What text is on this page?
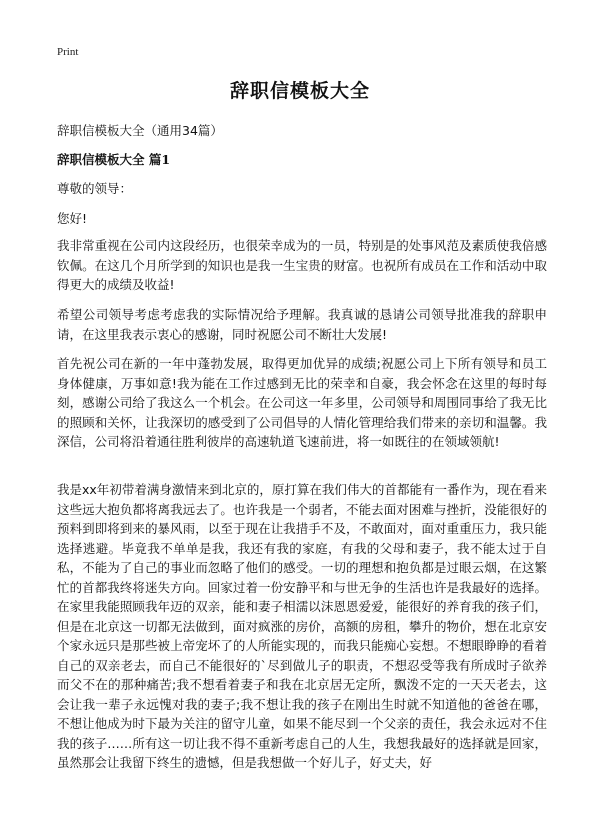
Print
辞职信模板大全
辞职信模板大全（通用34篇）
辞职信模板大全 篇1
尊敬的领导：
您好!
我非常重视在公司内这段经历，也很荣幸成为的一员，特别是的处事风范及素质使我倍感钦佩。在这几个月所学到的知识也是我一生宝贵的财富。也祝所有成员在工作和活动中取得更大的成绩及收益!
希望公司领导考虑考虑我的实际情况给予理解。我真诚的恳请公司领导批准我的辞职申请，在这里我表示衷心的感谢，同时祝愿公司不断壮大发展!
首先祝公司在新的一年中蓬勃发展，取得更加优异的成绩;祝愿公司上下所有领导和员工身体健康，万事如意!我为能在工作过感到无比的荣幸和自豪，我会怀念在这里的每时每刻，感谢公司给了我这么一个机会。在公司这一年多里，公司领导和周围同事给了我无比的照顾和关怀，让我深切的感受到了公司倡导的人情化管理给我们带来的亲切和温馨。我深信，公司将沿着通往胜利彼岸的高速轨道飞速前进，将一如既往的在领域领航!
我是xx年初带着满身激情来到北京的，原打算在我们伟大的首都能有一番作为，现在看来这些远大抱负都将离我远去了。也许我是一个弱者，不能去面对困难与挫折，没能很好的预料到即将到来的暴风雨，以至于现在让我措手不及，不敢面对，面对重重压力，我只能选择逃避。毕竟我不单单是我，我还有我的家庭，有我的父母和妻子，我不能太过于自私，不能为了自己的事业而忽略了他们的感受。一切的理想和抱负都是过眼云烟，在这繁忙的首都我终将迷失方向。回家过着一份安静平和与世无争的生活也许是我最好的选择。在家里我能照顾我年迈的双亲，能和妻子相濡以沫恩恩爱爱，能很好的养育我的孩子们，但是在北京这一切都无法做到，面对疯涨的房价，高额的房租，攀升的物价，想在北京安个家永远只是那些被上帝宠坏了的人所能实现的，而我只能痴心妄想。不想眼睁睁的看着自己的双亲老去，而自己不能很好的`尽到做儿子的职责，不想忍受等我有所成时子欲养而父不在的那种痛苦;我不想看着妻子和我在北京居无定所，飘泼不定的一天天老去，这会让我一辈子永远愧对我的妻子;我不想让我的孩子在刚出生时就不知道他的爸爸在哪，不想让他成为时下最为关注的留守儿童，如果不能尽到一个父亲的责任，我会永远对不住我的孩子……所有这一切让我不得不重新考虑自己的人生，我想我最好的选择就是回家，虽然那会让我留下终生的遗憾，但是我想做一个好儿子，好丈夫，好
